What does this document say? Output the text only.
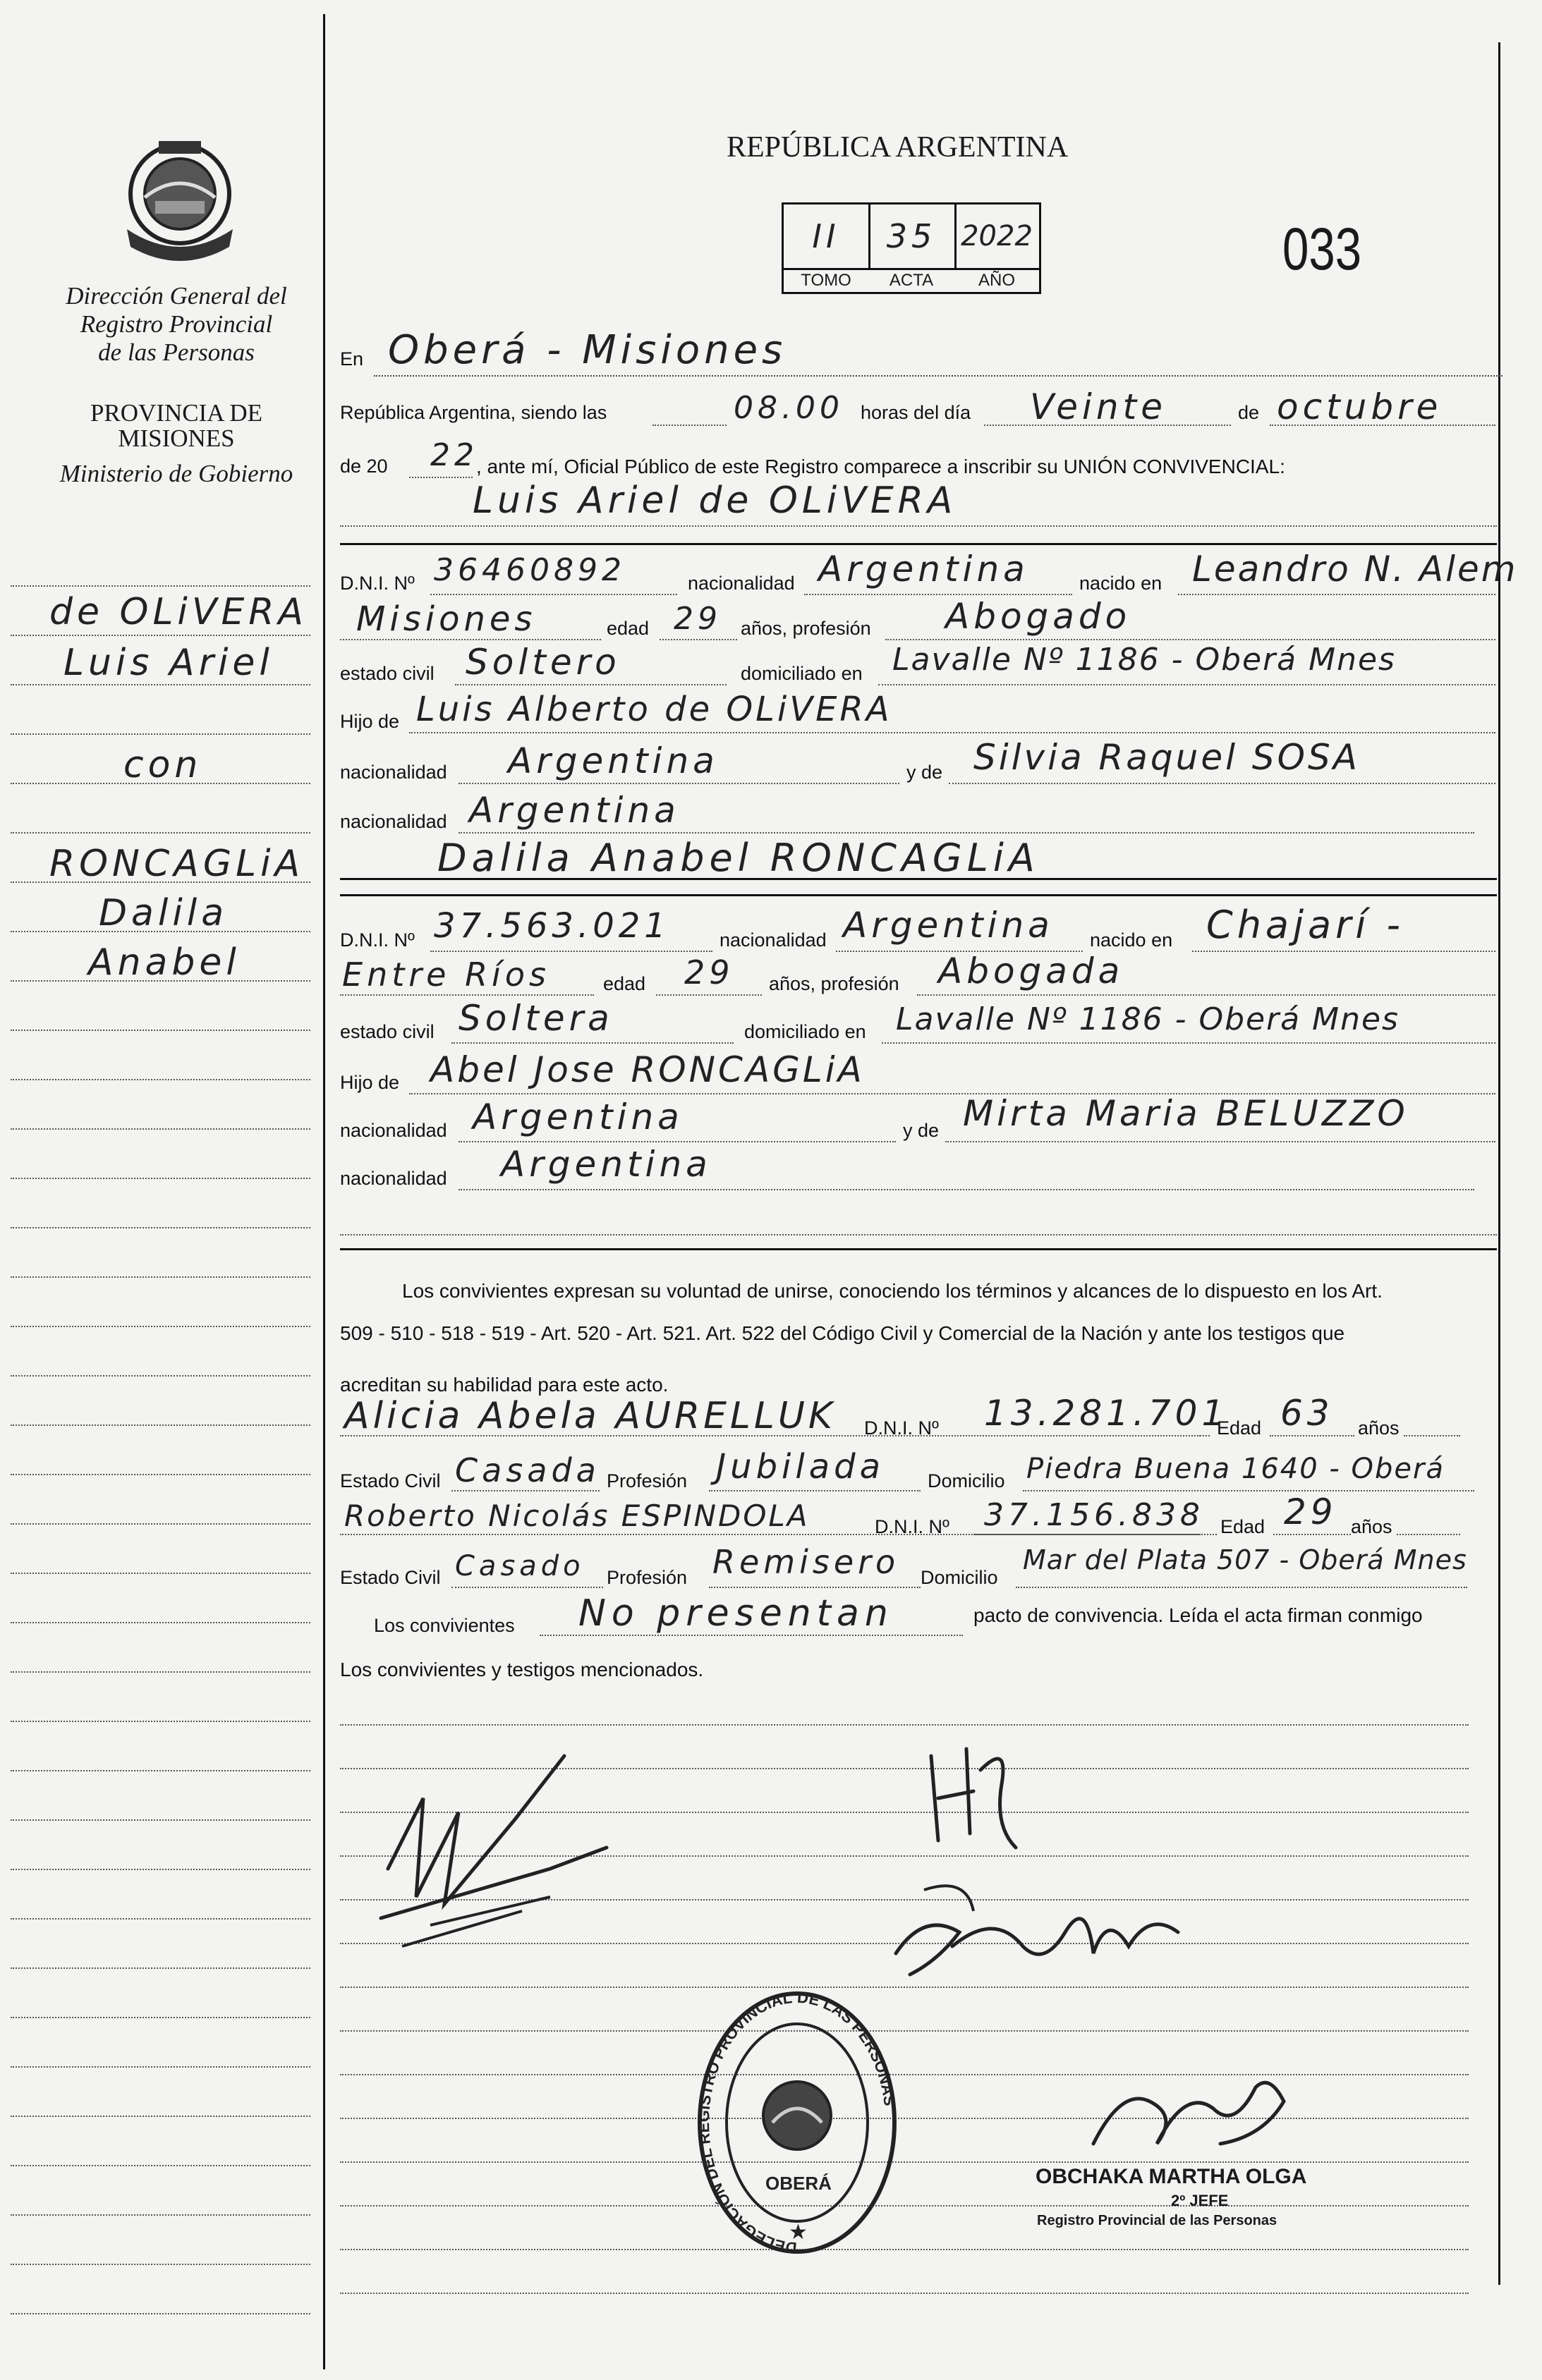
Dirección General del
Registro Provincial
de las Personas
PROVINCIA DE
MISIONES
Ministerio de Gobierno
de OLiVERA
Luis Ariel
con
RONCAGLiA
Dalila
Anabel
REPÚBLICA ARGENTINA
II	35 2022
TOMO	ACTA	AÑO	033
En Oberá - Misiones
República Argentina, siendo las	08.00 horas del día Veinte	de octubre
de 20 22
, ante mí, Oficial Público de este Registro comparece a inscribir su UNIÓN CONVIVENCIAL:
Luis Ariel de OLiVERA
D.N.I. Nº 36460892	nacionalidad Argentina	nacido en Leandro N. Alem
Misiones	edad 29 años, profesión Abogado
estado civil Soltero	domiciliado en Lavalle Nº 1186 - Oberá Mnes
Hijo de Luis Alberto de OLiVERA
nacionalidad Argentina	y de Silvia Raquel SOSA
nacionalidad Argentina
Dalila Anabel RONCAGLiA
D.N.I. Nº 37.563.021	nacionalidad Argentina nacido en Chajarí -
Entre Ríos	edad 29 años, profesión Abogada
estado civil Soltera	domiciliado en Lavalle Nº 1186 - Oberá Mnes
Hijo de Abel Jose RONCAGLiA
nacionalidad Argentina	y de Mirta Maria BELUZZO
nacionalidad Argentina
Los convivientes expresan su voluntad de unirse, conociendo los términos y alcances de lo dispuesto en los Art.
509 - 510 - 518 - 519 - Art. 520 - Art. 521. Art. 522 del Código Civil y Comercial de la Nación y ante los testigos que
acreditan su habilidad para este acto.
Alicia Abela AURELLUK D.N.I. Nº 13.281.701
Edad 63 años
Estado Civil Casada Profesión Jubilada Domicilio Piedra Buena 1640 - Oberá
Roberto Nicolás ESPINDOLA	D.N.I. Nº 37.156.838 Edad 29 años
Estado Civil Casado Profesión Remisero Domicilio
Mar del Plata 507 - Oberá Mnes
Los convivientes No presentan	pacto de convivencia. Leída el acta firman conmigo
Los convivientes y testigos mencionados.
DELEGACIÓN DEL REGISTRO PROVINCIAL DE LAS PERSONAS
OBERÁ
★
OBCHAKA MARTHA OLGA
2º JEFE
Registro Provincial de las Personas
